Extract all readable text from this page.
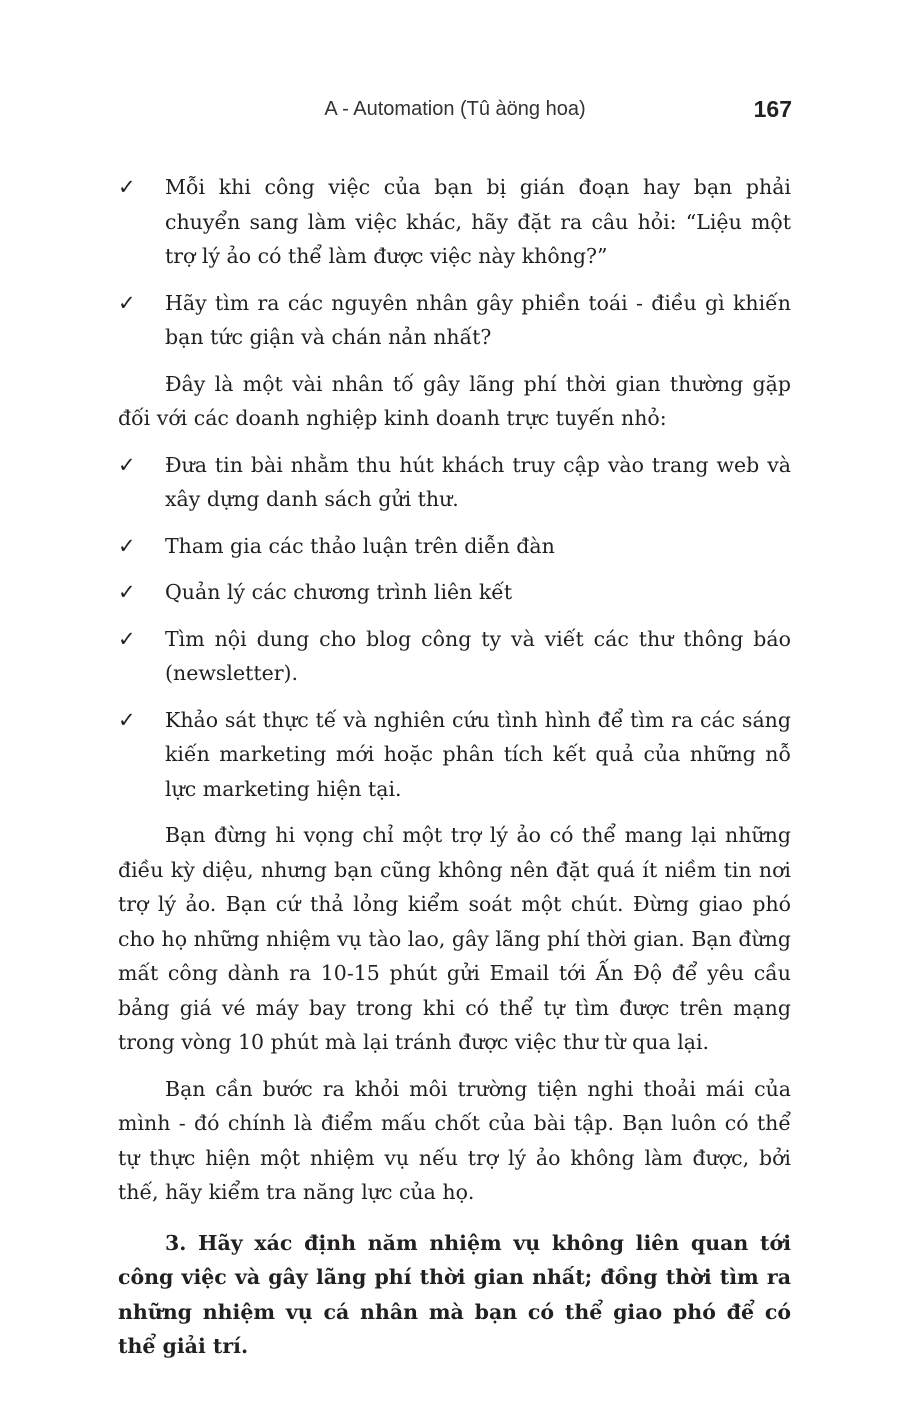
A - Automation (Tû àöng hoa)	167
✓ Mỗi khi công việc của bạn bị gián đoạn hay bạn phải chuyển sang làm việc khác, hãy đặt ra câu hỏi: “Liệu một trợ lý ảo có thể làm được việc này không?”
✓ Hãy tìm ra các nguyên nhân gây phiền toái - điều gì khiến bạn tức giận và chán nản nhất?

Đây là một vài nhân tố gây lãng phí thời gian thường gặp đối với các doanh nghiệp kinh doanh trực tuyến nhỏ:

✓ Đưa tin bài nhằm thu hút khách truy cập vào trang web và xây dựng danh sách gửi thư.
✓ Tham gia các thảo luận trên diễn đàn
✓ Quản lý các chương trình liên kết
✓ Tìm nội dung cho blog công ty và viết các thư thông báo (newsletter).
✓ Khảo sát thực tế và nghiên cứu tình hình để tìm ra các sáng kiến marketing mới hoặc phân tích kết quả của những nỗ lực marketing hiện tại.

Bạn đừng hi vọng chỉ một trợ lý ảo có thể mang lại những điều kỳ diệu, nhưng bạn cũng không nên đặt quá ít niềm tin nơi trợ lý ảo. Bạn cứ thả lỏng kiểm soát một chút. Đừng giao phó cho họ những nhiệm vụ tào lao, gây lãng phí thời gian. Bạn đừng mất công dành ra 10-15 phút gửi Email tới Ấn Độ để yêu cầu bảng giá vé máy bay trong khi có thể tự tìm được trên mạng trong vòng 10 phút mà lại tránh được việc thư từ qua lại.

Bạn cần bước ra khỏi môi trường tiện nghi thoải mái của mình - đó chính là điểm mấu chốt của bài tập. Bạn luôn có thể tự thực hiện một nhiệm vụ nếu trợ lý ảo không làm được, bởi thế, hãy kiểm tra năng lực của họ.

3. Hãy xác định năm nhiệm vụ không liên quan tới công việc và gây lãng phí thời gian nhất; đồng thời tìm ra những nhiệm vụ cá nhân mà bạn có thể giao phó để có thể giải trí.
